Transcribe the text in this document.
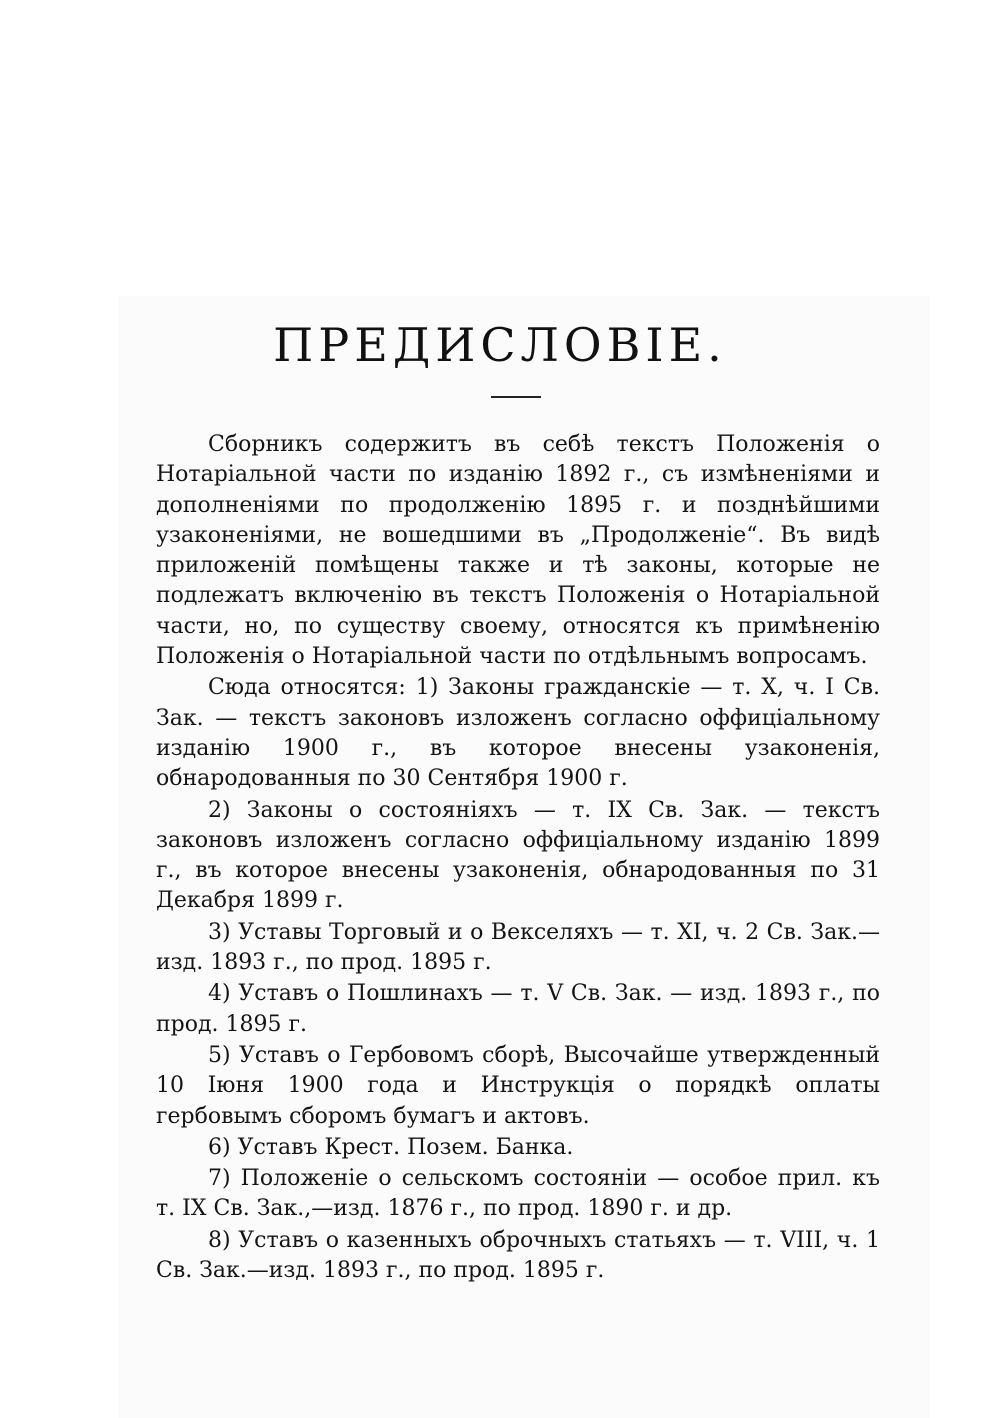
ПРЕДИСЛОВІЕ.

Сборникъ содержитъ въ себѣ текстъ Положенія о Нотаріальной части по изданію 1892 г., съ измѣненіями и дополненіями по продолженію 1895 г. и позднѣйшими узаконеніями, не вошедшими въ „Продолженіе“. Въ видѣ приложеній помѣщены также и тѣ законы, которые не подлежатъ включенію въ текстъ Положенія о Нотаріальной части, но, по существу своему, относятся къ примѣненію Положенія о Нотаріальной части по отдѣльнымъ вопросамъ.

Сюда относятся: 1) Законы гражданскіе — т. X, ч. I Св. Зак. — текстъ законовъ изложенъ согласно оффиціальному изданію 1900 г., въ которое внесены узаконенія, обнародованныя по 30 Сентября 1900 г.

2) Законы о состояніяхъ — т. IX Св. Зак. — текстъ законовъ изложенъ согласно оффиціальному изданію 1899 г., въ которое внесены узаконенія, обнародованныя по 31 Декабря 1899 г.

3) Уставы Торговый и о Векселяхъ — т. XI, ч. 2 Св. Зак.— изд. 1893 г., по прод. 1895 г.

4) Уставъ о Пошлинахъ — т. V Св. Зак. — изд. 1893 г., по прод. 1895 г.

5) Уставъ о Гербовомъ сборѣ, Высочайшe утвержденный 10 Іюня 1900 года и Инструкція о порядкѣ оплаты гербовымъ сборомъ бумагъ и актовъ.

6) Уставъ Крест. Позем. Банка.

7) Положеніе о сельскомъ состояніи — особое прил. къ т. IX Св. Зак.,—изд. 1876 г., по прод. 1890 г. и др.

8) Уставъ о казенныхъ оброчныхъ статьяхъ — т. VIII, ч. 1 Св. Зак.—изд. 1893 г., по прод. 1895 г.
